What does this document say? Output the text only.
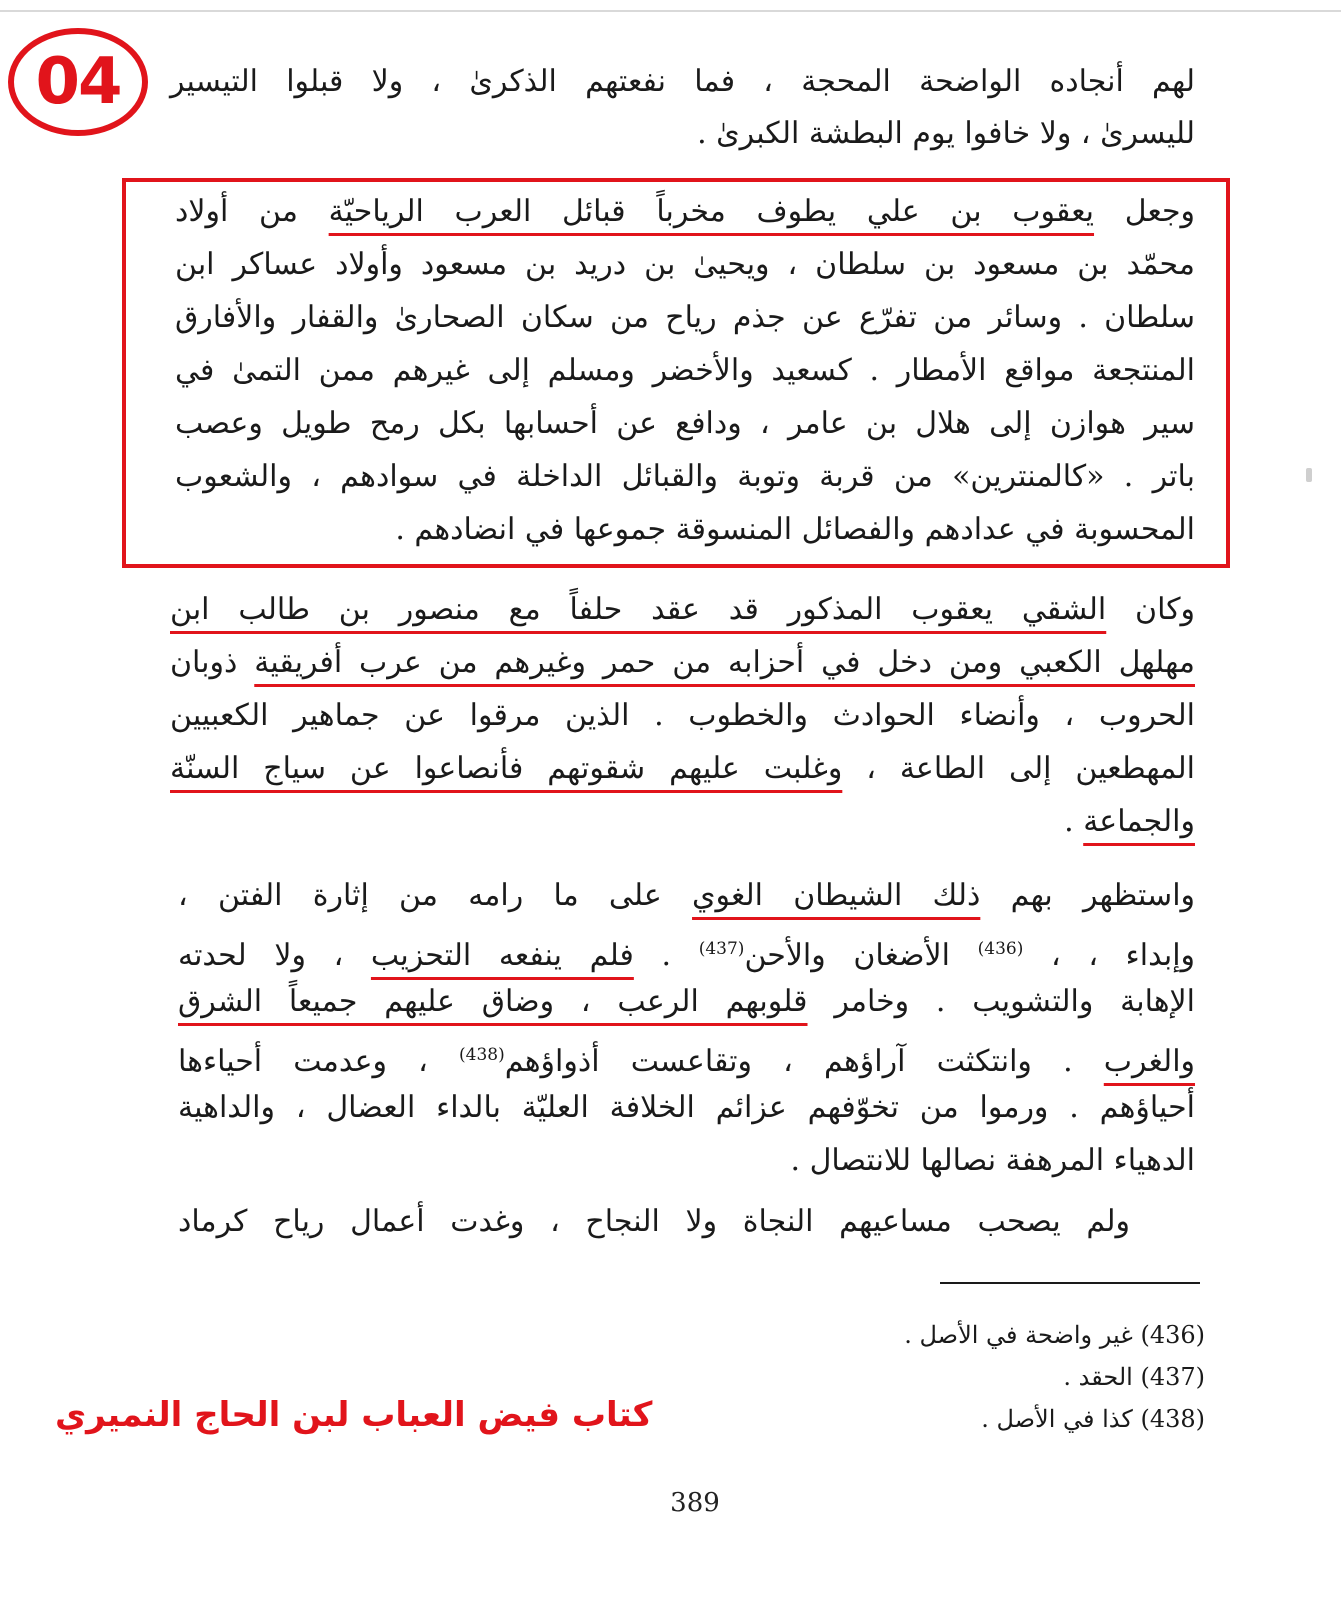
04 لهم أنجاده الواضحة المحجة ، فما نفعتهم الذكرىٰ ، ولا قبلوا التيسير
لليسرىٰ ، ولا خافوا يوم البطشة الكبرىٰ .
وجعل يعقوب بن علي يطوف مخرباً قبائل العرب الرياحيّة من أولاد
محمّد بن مسعود بن سلطان ، ويحيىٰ بن دريد بن مسعود وأولاد عساكر ابن
سلطان . وسائر من تفرّع عن جذم رياح من سكان الصحارىٰ والقفار والأفارق
المنتجعة مواقع الأمطار . كسعيد والأخضر ومسلم إلى غيرهم ممن التمىٰ في
سير هوازن إلى هلال بن عامر ، ودافع عن أحسابها بكل رمح طويل وعصب
باتر . «كالمنترين» من قربة وتوبة والقبائل الداخلة في سوادهم ، والشعوب
المحسوبة في عدادهم والفصائل المنسوقة جموعها في انضادهم .
وكان الشقي يعقوب المذكور قد عقد حلفاً مع منصور بن طالب ابن
مهلهل الكعبي ومن دخل في أحزابه من حمر وغيرهم من عرب أفريقية ذوبان
الحروب ، وأنضاء الحوادث والخطوب . الذين مرقوا عن جماهير الكعبيين
المهطعين إلى الطاعة ، وغلبت عليهم شقوتهم فأنصاعوا عن سياج السنّة
والجماعة .
واستظهر بهم ذلك الشيطان الغوي على ما رامه من إثارة الفتن ،
وإبداء ، ، $^{(436)}$ الأضغان والأحن$^{(437)}$ . فلم ينفعه التحزيب ، ولا لحدته
الإهابة والتشويب . وخامر قلوبهم الرعب ، وضاق عليهم جميعاً الشرق
والغرب . وانتكثت آراؤهم ، وتقاعست أذواؤهم$^{(438)}$ ، وعدمت أحياءها
أحياؤهم . ورموا من تخوّفهم عزائم الخلافة العليّة بالداء العضال ، والداهية
الدهياء المرهفة نصالها للانتصال .
ولم يصحب مساعيهم النجاة ولا النجاح ، وغدت أعمال رياح كرماد
(436) غير واضحة في الأصل .
(437) الحقد .
(438) كذا في الأصل .
كتاب فيض العباب لبن الحاج النميري
389
